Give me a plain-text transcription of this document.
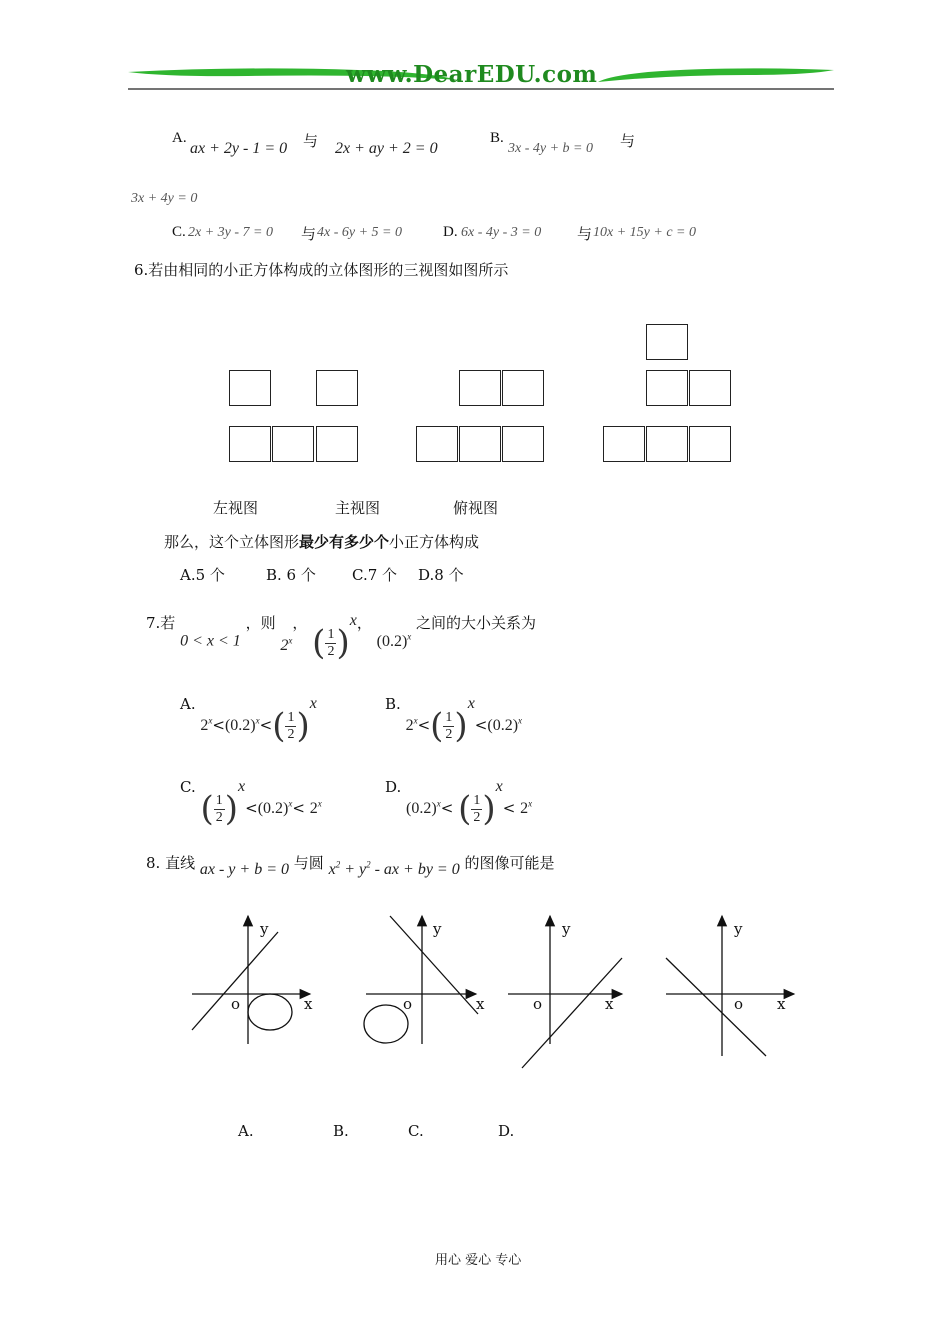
www.DearEDU.com
A.
ax + 2y - 1 = 0 与 2x + ay + 2 = 0
B.
3x - 4y + b = 0 与
3x + 4y = 0
C. 2x + 3y - 7 = 0 与 4x - 6y + 5 = 0	D. 6x - 4y - 3 = 0 与 10x + 15y + c = 0
6.若由相同的小正方体构成的立体图形的三视图如图所示
左视图	主视图	俯视图
那么，这个立体图形最少有多少个小正方体构成
A.5 个	B. 6 个 C.7 个 D.8 个
7.若 0 < x < 1 ，则 2$^x$， ( $\frac{1}{2} )^x$， $(0.2)^x$ 之间的大小关系为
A. $2^x<(0.2)^x<( \frac{1}{2} )^x$	B. $2^x<( \frac{1}{2} )^x<(0.2)^x$
C. ( $\frac{1}{2} )^x<(0.2)^x< 2^x$
D. $(0.2)^x<$ ( $\frac{1}{2} )^x< 2^x$
8. 直线 ax - y + b = 0 与圆 $x^2 + y^2$ - ax + by = 0 的图像可能是
y
o	x
y
o	x
y
o	x
y
o x
A.	B.	C.	D.
用心 爱心 专心
